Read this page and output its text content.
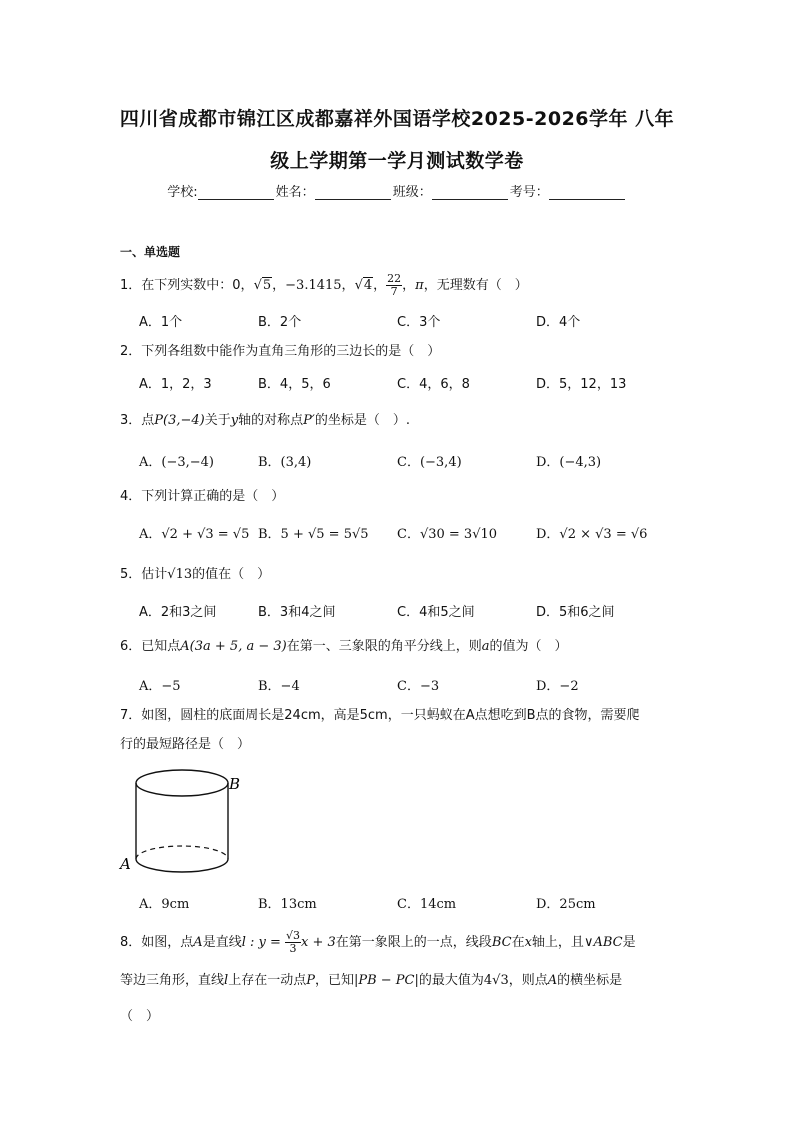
四川省成都市锦江区成都嘉祥外国语学校2025-2026学年 八年
级上学期第一学月测试数学卷
学校:	姓名：	班级：	考号：
一、单选题
1．在下列实数中：0，√5，−3.1415，√4， $\frac{22}{7}$ ，π，无理数有（　）
A．1个	B．2个	C．3个	D．4个
2．下列各组数中能作为直角三角形的三边长的是（　）
A．1，2，3	B．4，5，6	C．4，6，8	D．5，12，13
3．点P(3,−4)关于y轴的对称点P′的坐标是（　）.
A．(−3,−4)	B．(3,4)	C．(−3,4)	D．(−4,3)
4．下列计算正确的是（　）
A．√2 + √3 = √5 B．5 + √5 = 5√5 C．√30 = 3√10	D．√2 × √3 = √6
5．估计√13的值在（　）
A．2和3之间	B．3和4之间	C．4和5之间	D．5和6之间
6．已知点A(3a + 5, a − 3)在第一、三象限的角平分线上，则a的值为（　）
A．−5	B．−4	C．−3	D．−2
7．如图，圆柱的底面周长是24cm，高是5cm，一只蚂蚁在A点想吃到B点的食物，需要爬
行的最短路径是（　）
B
A
A．9cm	B．13cm	C．14cm	D．25cm
8．如图，点A是直线l : $y = \frac{√3}{3}$ x + 3在第一象限上的一点，线段BC在x轴上，且∨ABC是
等边三角形，直线l上存在一动点P，已知|PB − PC|的最大值为4√3，则点A的横坐标是
（　）
